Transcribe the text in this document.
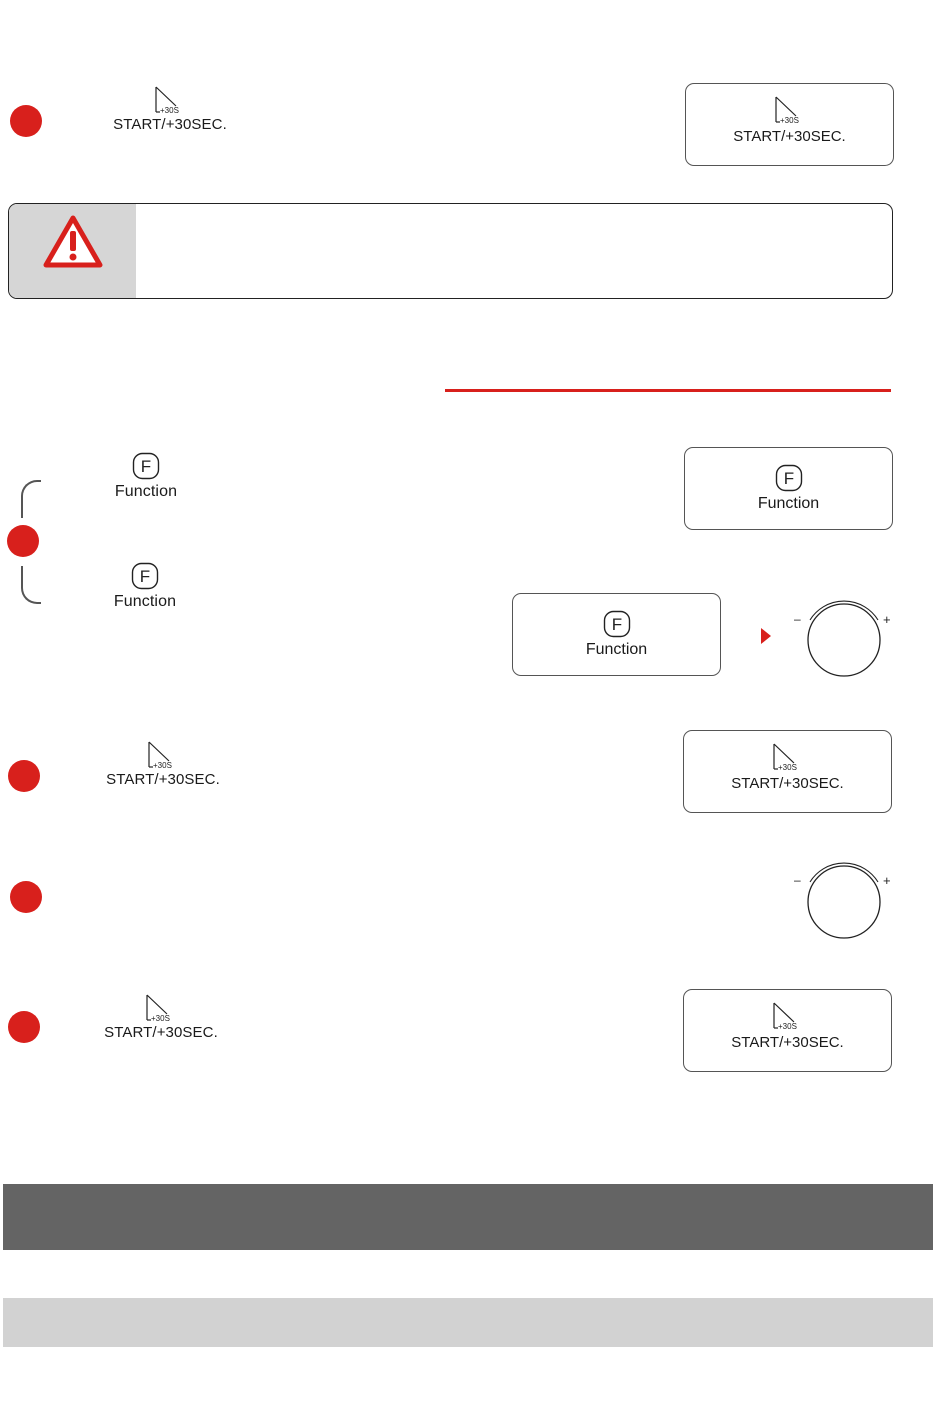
+30S
START/+30SEC.	+30S
START/+30SEC.
F
Function
F
Function
F
Function
F
Function
–	+
+30S
START/+30SEC.
+30S
START/+30SEC.
–	+
+30S
START/+30SEC.	+30S
START/+30SEC.
